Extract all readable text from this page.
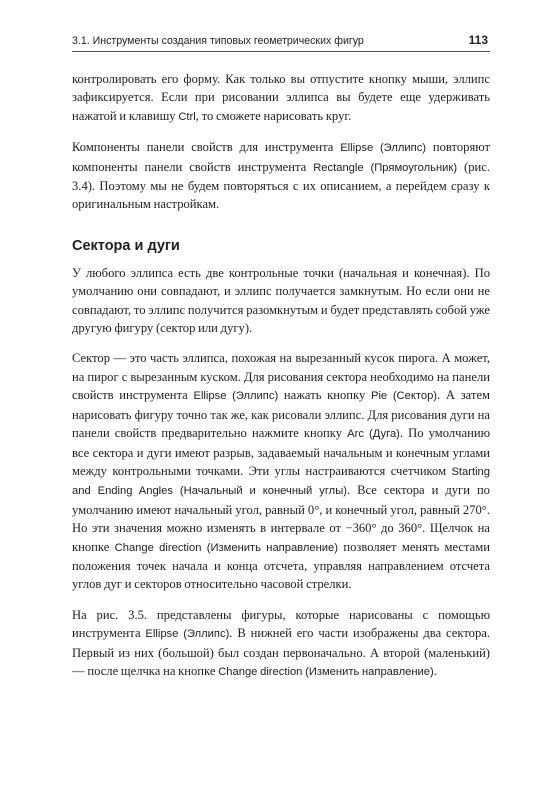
3.1. Инструменты создания типовых геометрических фигур	113

контролировать его форму. Как только вы отпустите кнопку мыши, эллипс зафиксируется. Если при рисовании эллипса вы будете еще удерживать нажатой и клавишу Ctrl, то сможете нарисовать круг.

Компоненты панели свойств для инструмента Ellipse (Эллипс) повторяют компоненты панели свойств инструмента Rectangle (Прямоугольник) (рис. 3.4). Поэтому мы не будем повторяться с их описанием, а перейдем сразу к оригинальным настройкам.

Сектора и дуги

У любого эллипса есть две контрольные точки (начальная и конечная). По умолчанию они совпадают, и эллипс получается замкнутым. Но если они не совпадают, то эллипс получится разомкнутым и будет представлять собой уже другую фигуру (сектор или дугу).

Сектор — это часть эллипса, похожая на вырезанный кусок пирога. А может, на пирог с вырезанным куском. Для рисования сектора необходимо на панели свойств инструмента Ellipse (Эллипс) нажать кнопку Pie (Сектор). А затем нарисовать фигуру точно так же, как рисовали эллипс. Для рисования дуги на панели свойств предварительно нажмите кнопку Arc (Дуга). По умолчанию все сектора и дуги имеют разрыв, задаваемый начальным и конечным углами между контрольными точками. Эти углы настраиваются счетчиком Starting and Ending Angles (Начальный и конечный углы). Все сектора и дуги по умолчанию имеют начальный угол, равный 0°, и конечный угол, равный 270°. Но эти значения можно изменять в интервале от −360° до 360°. Щелчок на кнопке Change direction (Изменить направление) позволяет менять местами положения точек начала и конца отсчета, управляя направлением отсчета углов дуг и секторов относительно часовой стрелки.

На рис. 3.5. представлены фигуры, которые нарисованы с помощью инструмента Ellipse (Эллипс). В нижней его части изображены два сектора. Первый из них (большой) был создан первоначально. А второй (маленький) — после щелчка на кнопке Change direction (Изменить направление).
